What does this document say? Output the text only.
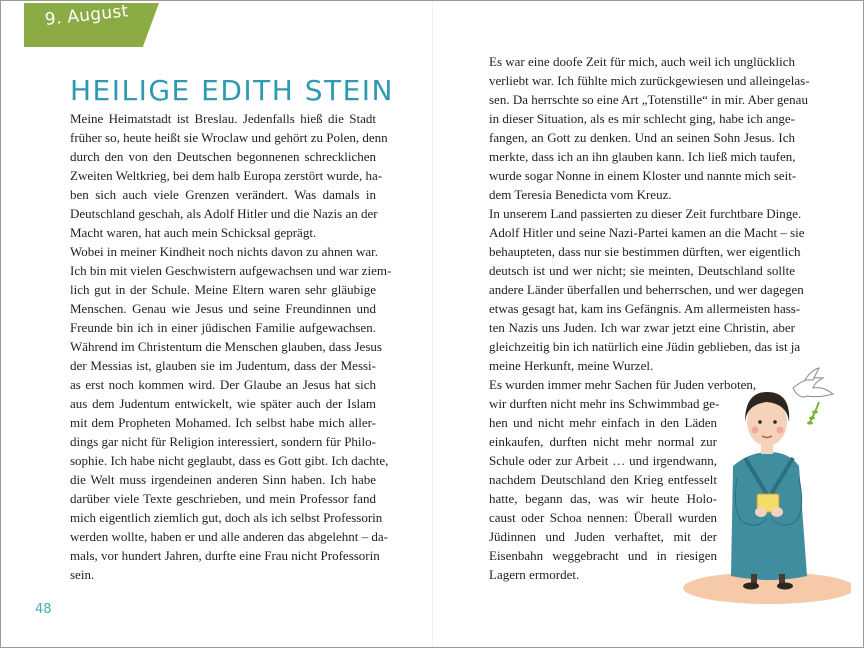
9. August
HEILIGE EDITH STEIN
Meine Heimatstadt ist Breslau. Jedenfalls hieß die Stadt
früher so, heute heißt sie Wroclaw und gehört zu Polen, denn
durch den von den Deutschen begonnenen schrecklichen
Zweiten Weltkrieg, bei dem halb Europa zerstört wurde, ha-
ben sich auch viele Grenzen verändert. Was damals in
Deutschland geschah, als Adolf Hitler und die Nazis an der
Macht waren, hat auch mein Schicksal geprägt.
Wobei in meiner Kindheit noch nichts davon zu ahnen war.
Ich bin mit vielen Geschwistern aufgewachsen und war ziem-
lich gut in der Schule. Meine Eltern waren sehr gläubige
Menschen. Genau wie Jesus und seine Freundinnen und
Freunde bin ich in einer jüdischen Familie aufgewachsen.
Während im Christentum die Menschen glauben, dass Jesus
der Messias ist, glauben sie im Judentum, dass der Messi-
as erst noch kommen wird. Der Glaube an Jesus hat sich
aus dem Judentum entwickelt, wie später auch der Islam
mit dem Propheten Mohamed. Ich selbst habe mich aller-
dings gar nicht für Religion interessiert, sondern für Philo-
sophie. Ich habe nicht geglaubt, dass es Gott gibt. Ich dachte,
die Welt muss irgendeinen anderen Sinn haben. Ich habe
darüber viele Texte geschrieben, und mein Professor fand
mich eigentlich ziemlich gut, doch als ich selbst Professorin
werden wollte, haben er und alle anderen das abgelehnt – da-
mals, vor hundert Jahren, durfte eine Frau nicht Professorin
sein.
Es war eine doofe Zeit für mich, auch weil ich unglücklich
verliebt war. Ich fühlte mich zurückgewiesen und alleingelas-
sen. Da herrschte so eine Art „Totenstille“ in mir. Aber genau
in dieser Situation, als es mir schlecht ging, habe ich ange-
fangen, an Gott zu denken. Und an seinen Sohn Jesus. Ich
merkte, dass ich an ihn glauben kann. Ich ließ mich taufen,
wurde sogar Nonne in einem Kloster und nannte mich seit-
dem Teresia Benedicta vom Kreuz.
In unserem Land passierten zu dieser Zeit furchtbare Dinge.
Adolf Hitler und seine Nazi-Partei kamen an die Macht – sie
behaupteten, dass nur sie bestimmen dürften, wer eigentlich
deutsch ist und wer nicht; sie meinten, Deutschland sollte
andere Länder überfallen und beherrschen, und wer dagegen
etwas gesagt hat, kam ins Gefängnis. Am allermeisten hass-
ten Nazis uns Juden. Ich war zwar jetzt eine Christin, aber
gleichzeitig bin ich natürlich eine Jüdin geblieben, das ist ja
meine Herkunft, meine Wurzel.
Es wurden immer mehr Sachen für Juden verboten,
wir durften nicht mehr ins Schwimmbad ge-
hen und nicht mehr einfach in den Läden
einkaufen, durften nicht mehr normal zur
Schule oder zur Arbeit … und irgendwann,
nachdem Deutschland den Krieg entfesselt
hatte, begann das, was wir heute Holo-
caust oder Schoa nennen: Überall wurden
Jüdinnen und Juden verhaftet, mit der
Eisenbahn weggebracht und in riesigen
Lagern ermordet.
48
